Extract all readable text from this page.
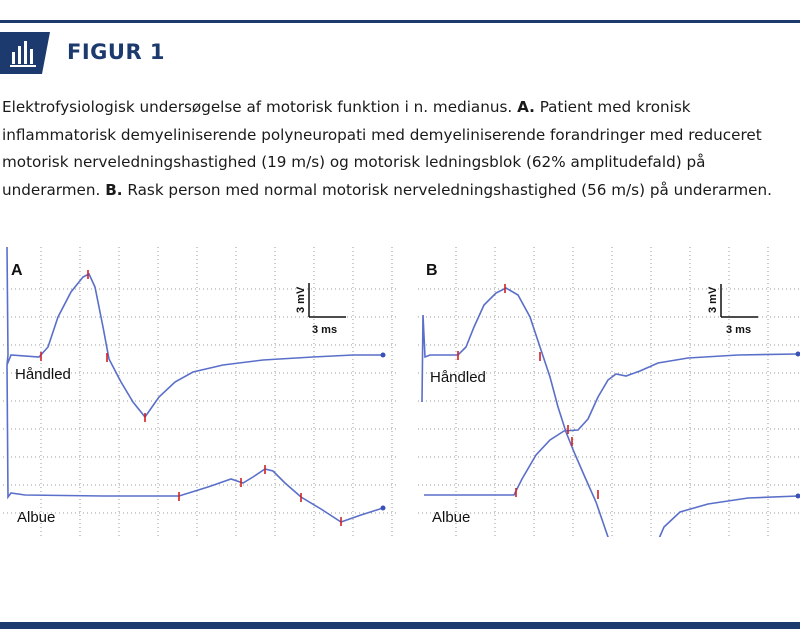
FIGUR 1
Elektrofysiologisk undersøgelse af motorisk funktion i n. medianus. A. Patient med kronisk inflammatorisk demyeliniserende polyneuropati med demyeliniserende forandringer med reduceret motorisk nerveledningshastighed (19 m/s) og motorisk ledningsblok (62% amplitudefald) på underarmen. B. Rask person med normal motorisk nerveledningshastighed (56 m/s) på underarmen.
A
3 mV
3 ms
Håndled
Albue
B
3 mV
3 ms
Håndled
Albue
